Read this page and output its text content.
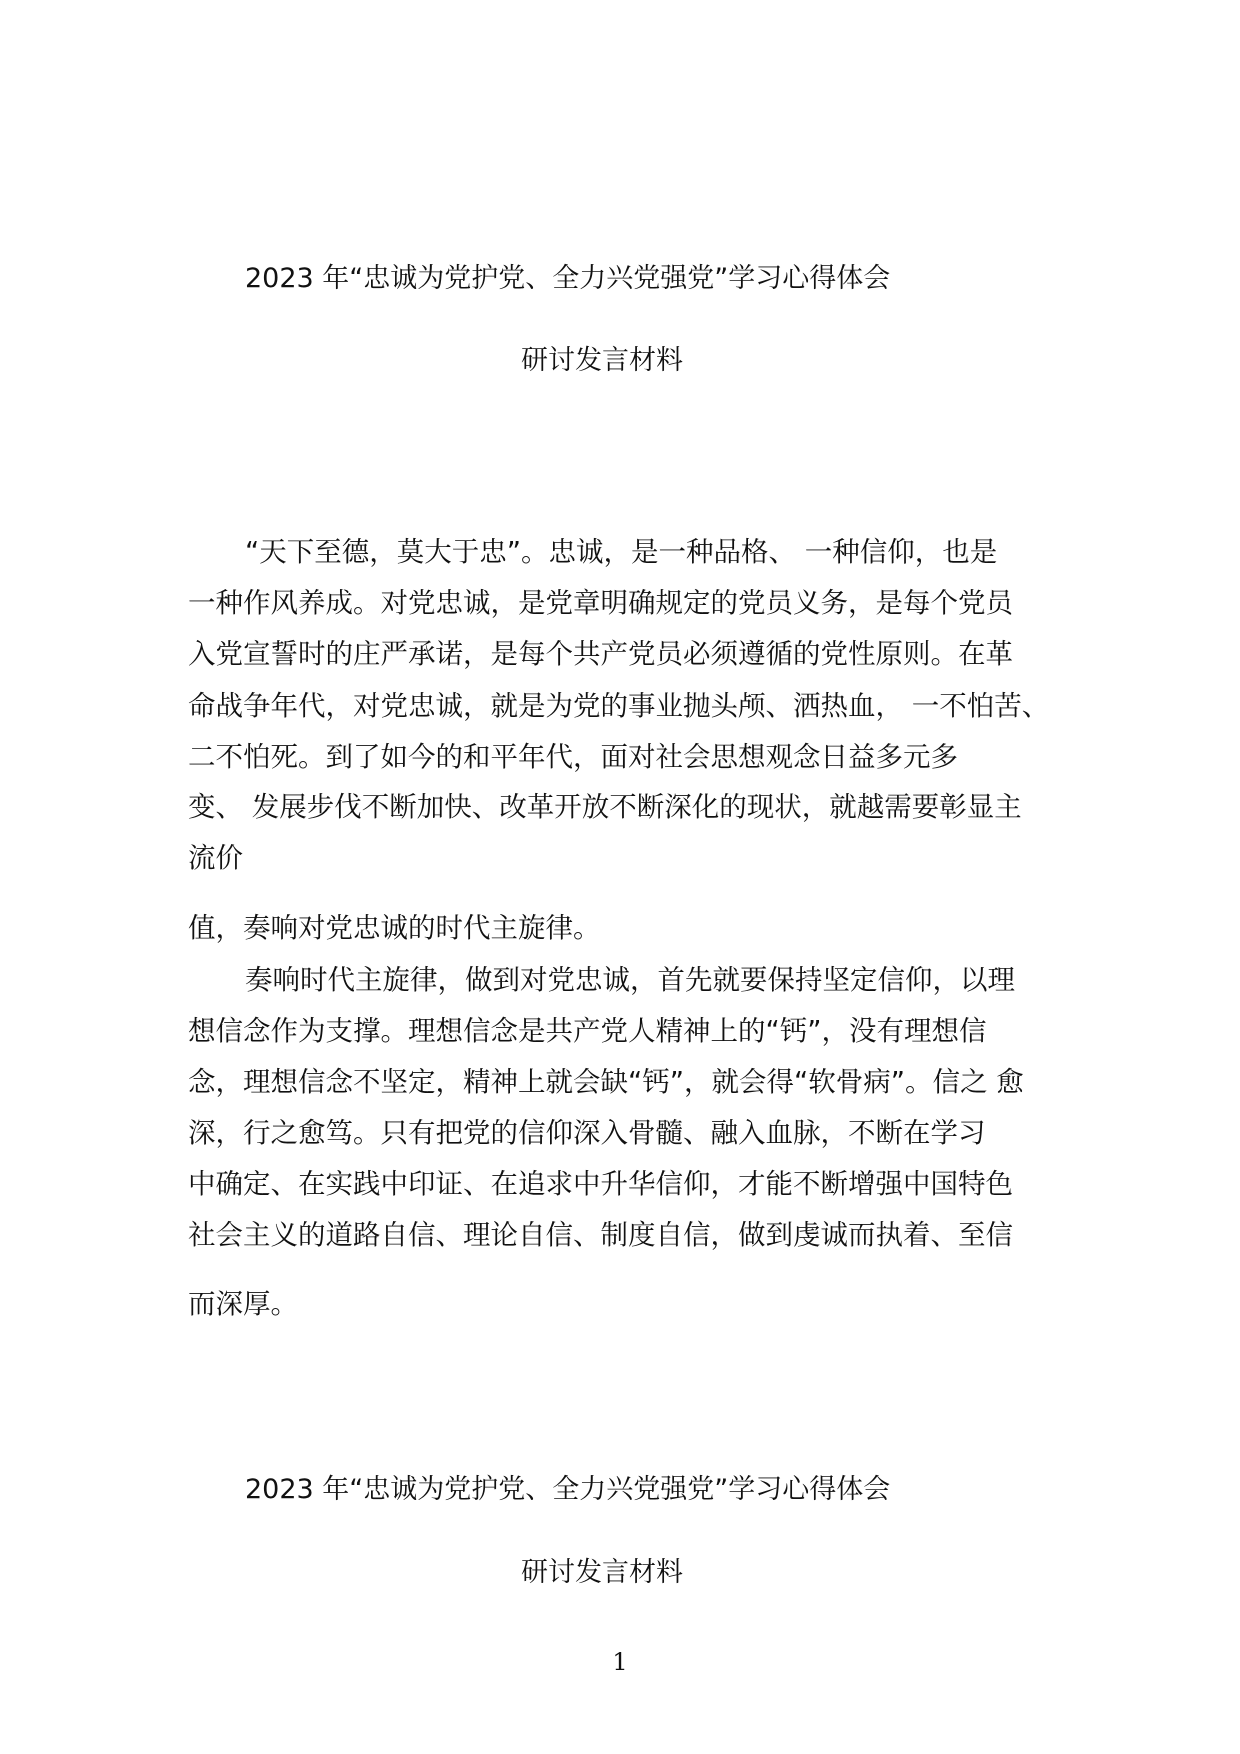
2023 年“忠诚为党护党、全力兴党强党”学习心得体会
研讨发言材料
“天下至德，莫大于忠”。忠诚，是一种品格、 一种信仰，也是
一种作风养成。对党忠诚，是党章明确规定的党员义务，是每个党员
入党宣誓时的庄严承诺，是每个共产党员必须遵循的党性原则。在革
命战争年代，对党忠诚，就是为党的事业抛头颅、洒热血， 一不怕苦、
二不怕死。到了如今的和平年代，面对社会思想观念日益多元多
变、 发展步伐不断加快、改革开放不断深化的现状，就越需要彰显主
流价
值，奏响对党忠诚的时代主旋律。
奏响时代主旋律，做到对党忠诚，首先就要保持坚定信仰，以理
想信念作为支撑。理想信念是共产党人精神上的“钙”，没有理想信
念，理想信念不坚定，精神上就会缺“钙”，就会得“软骨病”。信之 愈
深，行之愈笃。只有把党的信仰深入骨髓、融入血脉，不断在学习
中确定、在实践中印证、在追求中升华信仰，才能不断增强中国特色
社会主义的道路自信、理论自信、制度自信，做到虔诚而执着、至信
而深厚。
2023 年“忠诚为党护党、全力兴党强党”学习心得体会
研讨发言材料
1
